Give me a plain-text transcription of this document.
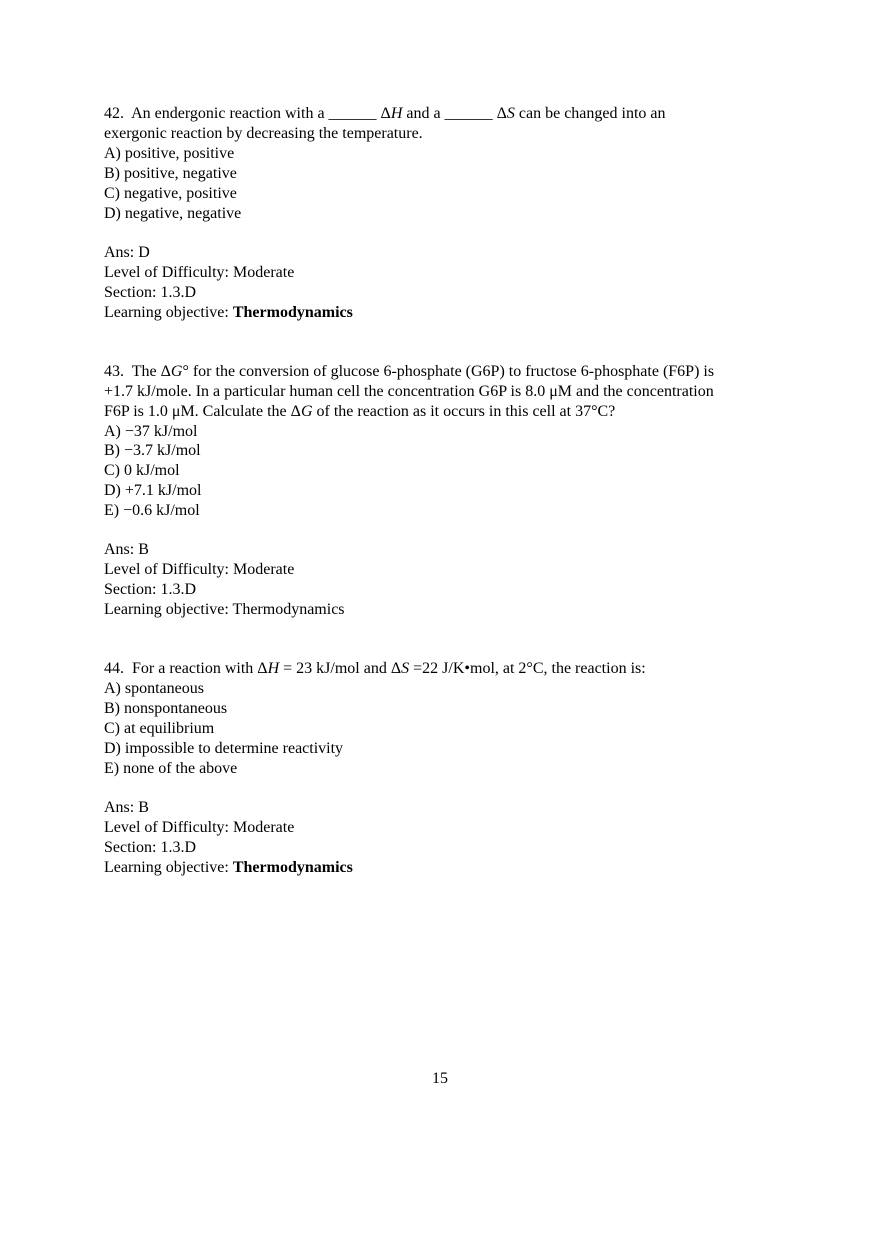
42. An endergonic reaction with a ______ ΔH and a ______ ΔS can be changed into an
exergonic reaction by decreasing the temperature.
A) positive, positive
B) positive, negative
C) negative, positive
D) negative, negative
Ans: D
Level of Difficulty: Moderate
Section: 1.3.D
Learning objective: Thermodynamics
43. The ΔG° for the conversion of glucose 6-phosphate (G6P) to fructose 6-phosphate (F6P) is
+1.7 kJ/mole. In a particular human cell the concentration G6P is 8.0 μM and the concentration
F6P is 1.0 μM. Calculate the ΔG of the reaction as it occurs in this cell at 37°C?
A) −37 kJ/mol
B) −3.7 kJ/mol
C) 0 kJ/mol
D) +7.1 kJ/mol
E) −0.6 kJ/mol
Ans: B
Level of Difficulty: Moderate
Section: 1.3.D
Learning objective: Thermodynamics
44. For a reaction with ΔH = 23 kJ/mol and ΔS =22 J/K•mol, at 2°C, the reaction is:
A) spontaneous
B) nonspontaneous
C) at equilibrium
D) impossible to determine reactivity
E) none of the above
Ans: B
Level of Difficulty: Moderate
Section: 1.3.D
Learning objective: Thermodynamics
15
